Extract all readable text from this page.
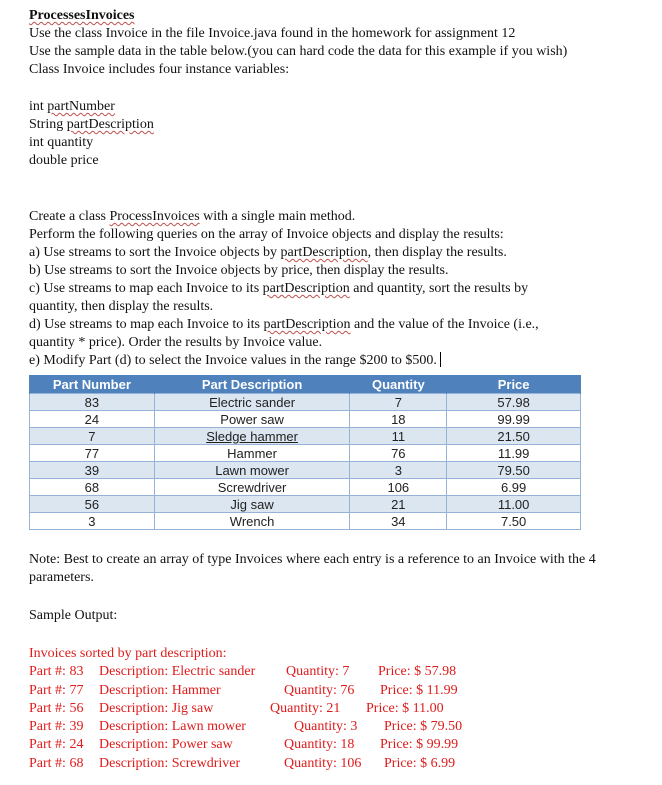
ProcessesInvoices
Use the class Invoice in the file Invoice.java found in the homework for assignment 12
Use the sample data in the table below.(you can hard code the data for this example if you wish)
Class Invoice includes four instance variables:
int partNumber
String partDescription
int quantity
double price
Create a class ProcessInvoices with a single main method.
Perform the following queries on the array of Invoice objects and display the results:
a) Use streams to sort the Invoice objects by partDescription, then display the results.
b) Use streams to sort the Invoice objects by price, then display the results.
c) Use streams to map each Invoice to its partDescription and quantity, sort the results by
quantity, then display the results.
d) Use streams to map each Invoice to its partDescription and the value of the Invoice (i.e.,
quantity * price). Order the results by Invoice value.
e) Modify Part (d) to select the Invoice values in the range $200 to $500.
Part Number	Part Description	Quantity	Price
83	Electric sander	7	57.98
24	Power saw	18	99.99
7	Sledge hammer	11	21.50
77	Hammer	76	11.99
39	Lawn mower	3	79.50
68	Screwdriver	106	6.99
56	Jig saw	21	11.00
3	Wrench	34	7.50
Note: Best to create an array of type Invoices where each entry is a reference to an Invoice with the 4 parameters.
Sample Output:
Invoices sorted by part description:
Part #: 83 Description: Electric sander Quantity: 7 Price: $ 57.98
Part #: 77 Description: Hammer	Quantity: 76 Price: $ 11.99
Part #: 56 Description: Jig saw	Quantity: 21 Price: $ 11.00
Part #: 39 Description: Lawn mower	Quantity: 3 Price: $ 79.50
Part #: 24 Description: Power saw	Quantity: 18 Price: $ 99.99
Part #: 68 Description: Screwdriver	Quantity: 106 Price: $ 6.99
